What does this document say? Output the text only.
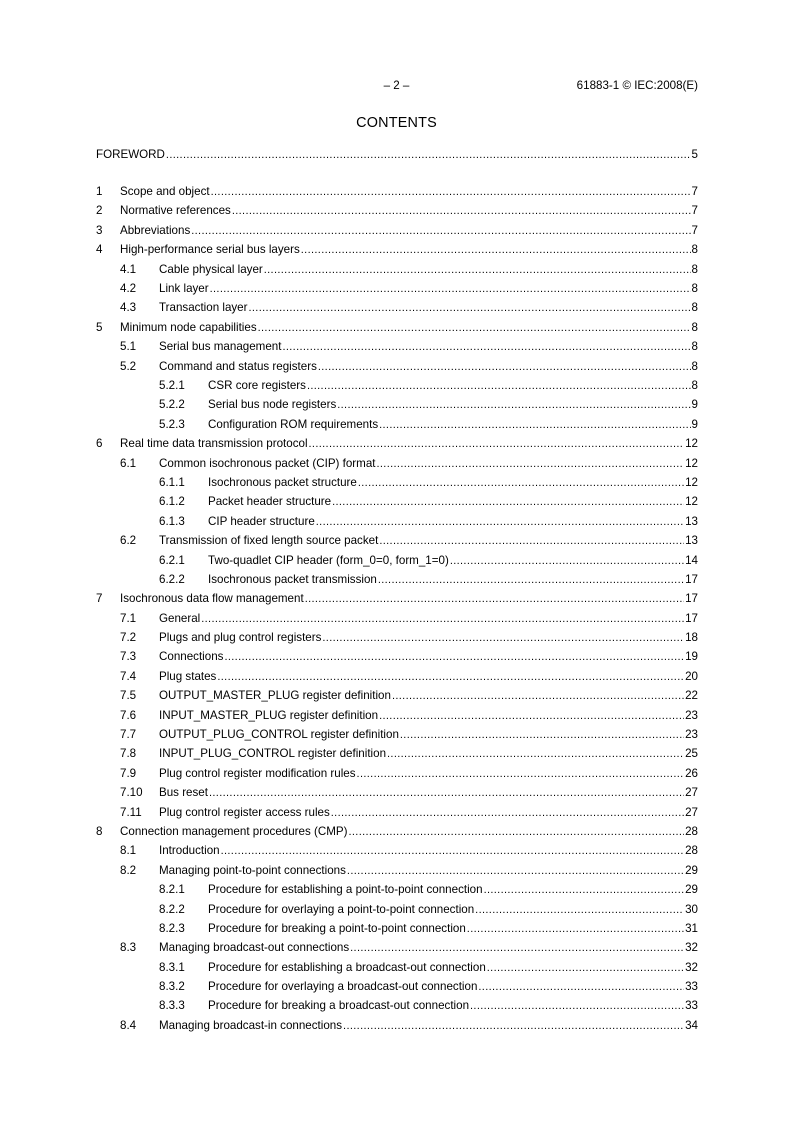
– 2 –	61883-1 © IEC:2008(E)
CONTENTS
FOREWORD .....	5
1	Scope and object .....	7
2	Normative references .....	7
3	Abbreviations .....	7
4	High-performance serial bus layers .....	8
4.1	Cable physical layer .....	8
4.2	Link layer .....	8
4.3	Transaction layer .....	8
5	Minimum node capabilities .....	8
5.1	Serial bus management .....	8
5.2	Command and status registers .....	8
5.2.1	CSR core registers .....	8
5.2.2	Serial bus node registers .....	9
5.2.3	Configuration ROM requirements .....	9
6	Real time data transmission protocol .....	12
6.1	Common isochronous packet (CIP) format .....	12
6.1.1	Isochronous packet structure .....	12
6.1.2	Packet header structure .....	12
6.1.3	CIP header structure .....	13
6.2	Transmission of fixed length source packet .....	13
6.2.1	Two-quadlet CIP header (form_0=0, form_1=0) .....	14
6.2.2	Isochronous packet transmission .....	17
7	Isochronous data flow management .....	17
7.1	General .....	17
7.2	Plugs and plug control registers .....	18
7.3	Connections .....	19
7.4	Plug states .....	20
7.5	OUTPUT_MASTER_PLUG register definition .....	22
7.6	INPUT_MASTER_PLUG register definition .....	23
7.7	OUTPUT_PLUG_CONTROL register definition .....	23
7.8	INPUT_PLUG_CONTROL register definition .....	25
7.9	Plug control register modification rules .....	26
7.10	Bus reset .....	27
7.11	Plug control register access rules .....	27
8	Connection management procedures (CMP) .....	28
8.1	Introduction .....	28
8.2	Managing point-to-point connections .....	29
8.2.1	Procedure for establishing a point-to-point connection .....	29
8.2.2	Procedure for overlaying a point-to-point connection .....	30
8.2.3	Procedure for breaking a point-to-point connection .....	31
8.3	Managing broadcast-out connections .....	32
8.3.1	Procedure for establishing a broadcast-out connection .....	32
8.3.2	Procedure for overlaying a broadcast-out connection .....	33
8.3.3	Procedure for breaking a broadcast-out connection .....	33
8.4	Managing broadcast-in connections .....	34
